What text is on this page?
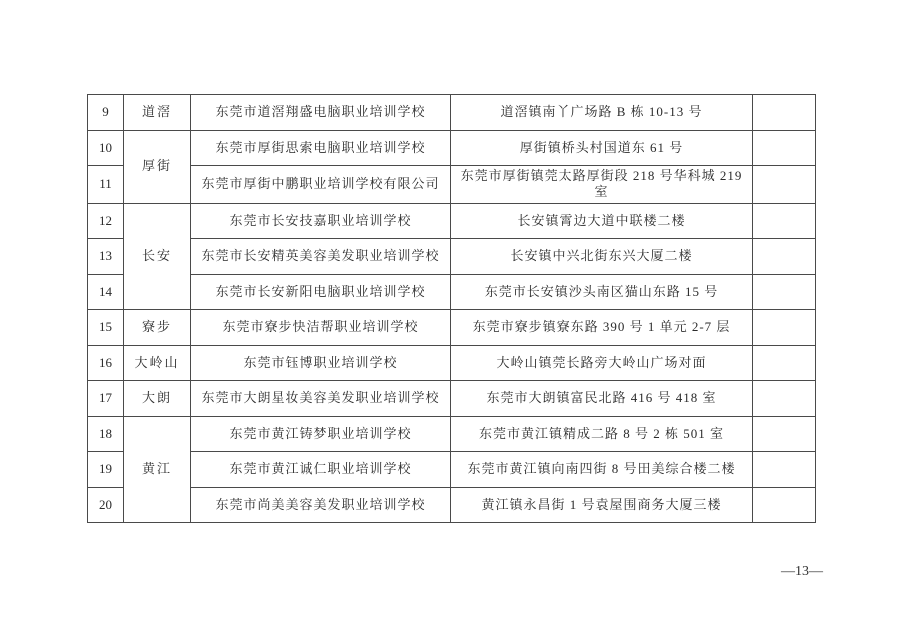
9	道滘	东莞市道滘翔盛电脑职业培训学校	道滘镇南丫广场路 B 栋 10-13 号	
10	厚街	东莞市厚街思索电脑职业培训学校	厚街镇桥头村国道东 61 号	
11		东莞市厚街中鹏职业培训学校有限公司	东莞市厚街镇莞太路厚街段 218 号华科城 219 室	
12	长安	东莞市长安技嘉职业培训学校	长安镇霄边大道中联楼二楼	
13		东莞市长安精英美容美发职业培训学校	长安镇中兴北街东兴大厦二楼	
14		东莞市长安新阳电脑职业培训学校	东莞市长安镇沙头南区猫山东路 15 号	
15	寮步	东莞市寮步快洁帮职业培训学校	东莞市寮步镇寮东路 390 号 1 单元 2-7 层	
16	大岭山	东莞市钰博职业培训学校	大岭山镇莞长路旁大岭山广场对面	
17	大朗	东莞市大朗星妆美容美发职业培训学校	东莞市大朗镇富民北路 416 号 418 室	
18	黄江	东莞市黄江铸梦职业培训学校	东莞市黄江镇精成二路 8 号 2 栋 501 室	
19		东莞市黄江诚仁职业培训学校	东莞市黄江镇向南四街 8 号田美综合楼二楼	
20		东莞市尚美美容美发职业培训学校	黄江镇永昌街 1 号袁屋围商务大厦三楼	
—13—
